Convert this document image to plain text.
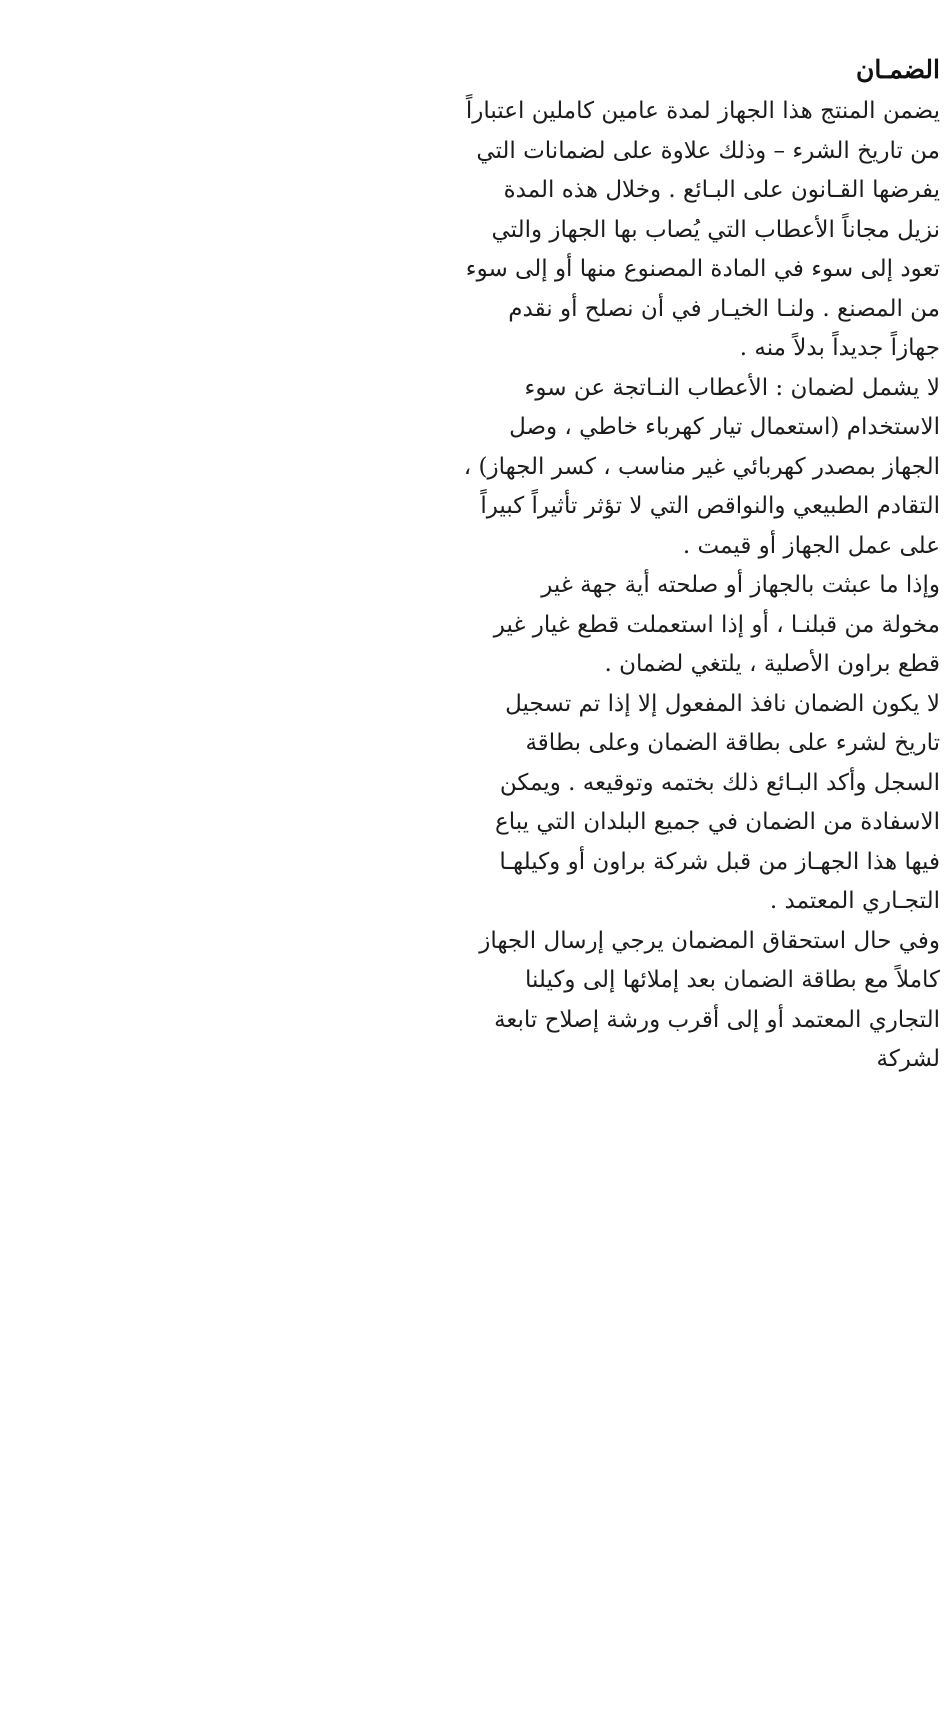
الضمـان
يضمن المنتج هذا الجهاز لمدة عامين كاملين اعتباراً
من تاريخ الشرء – وذلك علاوة على لضمانات التي
يفرضها القـانون على البـائع . وخلال هذه المدة
نزيل مجاناً الأعطاب التي يُصاب بها الجهاز والتي
تعود إلى سوء في المادة المصنوع منها أو إلى سوء
من المصنع . ولنـا الخيـار في أن نصلح أو نقدم
جهازاً جديداً بدلاً منه .
لا يشمل لضمان : الأعطاب النـاتجة عن سوء
الاستخدام (استعمال تيار كهرباء خاطي ، وصل
الجهاز بمصدر كهربائي غير مناسب ، كسر الجهاز) ،
التقادم الطبيعي والنواقص التي لا تؤثر تأثيراً كبيراً
على عمل الجهاز أو قيمت .
وإذا ما عبثت بالجهاز أو صلحته أية جهة غير
مخولة من قبلنـا ، أو إذا استعملت قطع غيار غير
قطع براون الأصلية ، يلتغي لضمان .
لا يكون الضمان نافذ المفعول إلا إذا تم تسجيل
تاريخ لشرء على بطاقة الضمان وعلى بطاقة
السجل وأكد البـائع ذلك بختمه وتوقيعه . ويمكن
الاسفادة من الضمان في جميع البلدان التي يباع
فيها هذا الجهـاز من قبل شركة براون أو وكيلهـا
التجـاري المعتمد .
وفي حال استحقاق المضمان يرجي إرسال الجهاز
كاملاً مع بطاقة الضمان بعد إملائها إلى وكيلنا
التجاري المعتمد أو إلى أقرب ورشة إصلاح تابعة
لشركة
